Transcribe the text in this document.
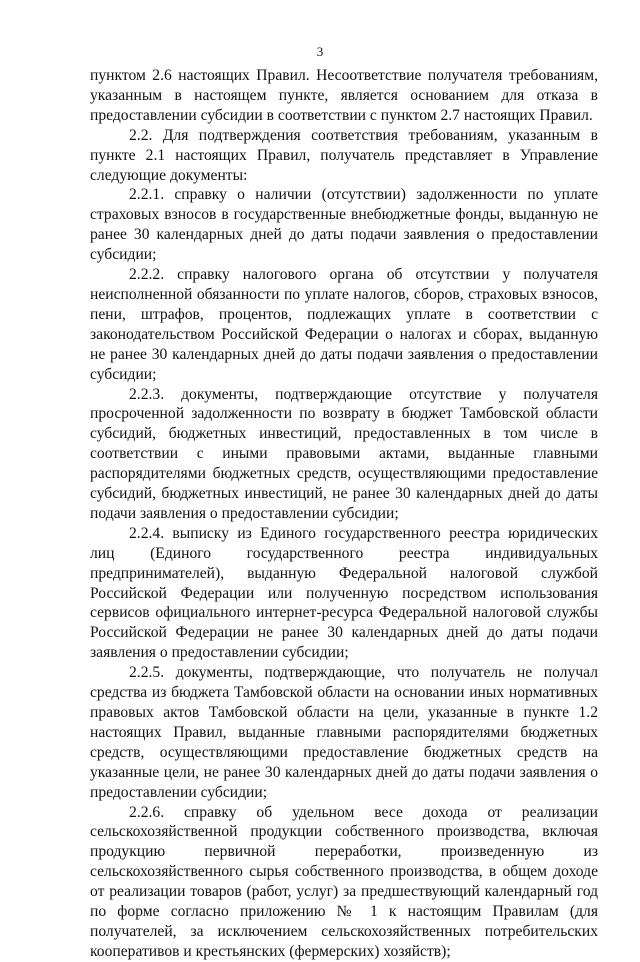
3

пунктом 2.6 настоящих Правил. Несоответствие получателя требованиям, указанным в настоящем пункте, является основанием для отказа в предоставлении субсидии в соответствии с пунктом 2.7 настоящих Правил.

2.2. Для подтверждения соответствия требованиям, указанным в пункте 2.1 настоящих Правил, получатель представляет в Управление следующие документы:

2.2.1. справку о наличии (отсутствии) задолженности по уплате страховых взносов в государственные внебюджетные фонды, выданную не ранее 30 календарных дней до даты подачи заявления о предоставлении субсидии;

2.2.2. справку налогового органа об отсутствии у получателя неисполненной обязанности по уплате налогов, сборов, страховых взносов, пени, штрафов, процентов, подлежащих уплате в соответствии с законодательством Российской Федерации о налогах и сборах, выданную не ранее 30 календарных дней до даты подачи заявления о предоставлении субсидии;

2.2.3. документы, подтверждающие отсутствие у получателя просроченной задолженности по возврату в бюджет Тамбовской области субсидий, бюджетных инвестиций, предоставленных в том числе в соответствии с иными правовыми актами, выданные главными распорядителями бюджетных средств, осуществляющими предоставление субсидий, бюджетных инвестиций, не ранее 30 календарных дней до даты подачи заявления о предоставлении субсидии;

2.2.4. выписку из Единого государственного реестра юридических лиц (Единого государственного реестра индивидуальных предпринимателей), выданную Федеральной налоговой службой Российской Федерации или полученную посредством использования сервисов официального интернет-ресурса Федеральной налоговой службы Российской Федерации не ранее 30 календарных дней до даты подачи заявления о предоставлении субсидии;

2.2.5. документы, подтверждающие, что получатель не получал средства из бюджета Тамбовской области на основании иных нормативных правовых актов Тамбовской области на цели, указанные в пункте 1.2 настоящих Правил, выданные главными распорядителями бюджетных средств, осуществляющими предоставление бюджетных средств на указанные цели, не ранее 30 календарных дней до даты подачи заявления о предоставлении субсидии;

2.2.6. справку об удельном весе дохода от реализации сельскохозяйственной продукции собственного производства, включая продукцию первичной переработки, произведенную из сельскохозяйственного сырья собственного производства, в общем доходе от реализации товаров (работ, услуг) за предшествующий календарный год по форме согласно приложению № 1 к настоящим Правилам (для получателей, за исключением сельскохозяйственных потребительских кооперативов и крестьянских (фермерских) хозяйств);
